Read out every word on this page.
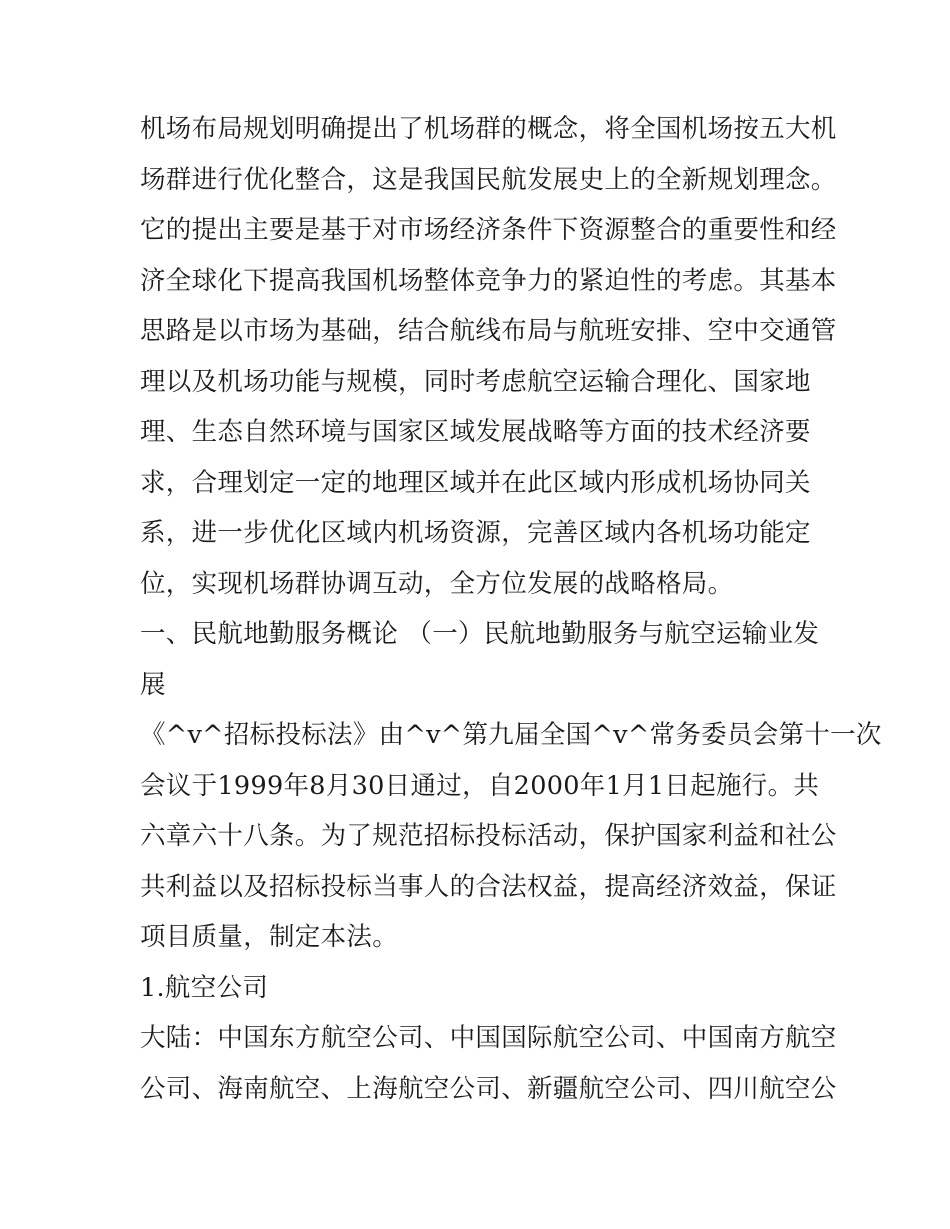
机场布局规划明确提出了机场群的概念，将全国机场按五大机
场群进行优化整合，这是我国民航发展史上的全新规划理念。
它的提出主要是基于对市场经济条件下资源整合的重要性和经
济全球化下提高我国机场整体竞争力的紧迫性的考虑。其基本
思路是以市场为基础，结合航线布局与航班安排、空中交通管
理以及机场功能与规模，同时考虑航空运输合理化、国家地
理、生态自然环境与国家区域发展战略等方面的技术经济要
求，合理划定一定的地理区域并在此区域内形成机场协同关
系，进一步优化区域内机场资源，完善区域内各机场功能定
位，实现机场群协调互动，全方位发展的战略格局。
一、民航地勤服务概论 （一）民航地勤服务与航空运输业发
展
《^v^招标投标法》由^v^第九届全国^v^常务委员会第十一次
会议于1999年8月30日通过，自2000年1月1日起施行。共
六章六十八条。为了规范招标投标活动，保护国家利益和社公
共利益以及招标投标当事人的合法权益，提高经济效益，保证
项目质量，制定本法。
1.航空公司
大陆：中国东方航空公司、中国国际航空公司、中国南方航空
公司、海南航空、上海航空公司、新疆航空公司、四川航空公
